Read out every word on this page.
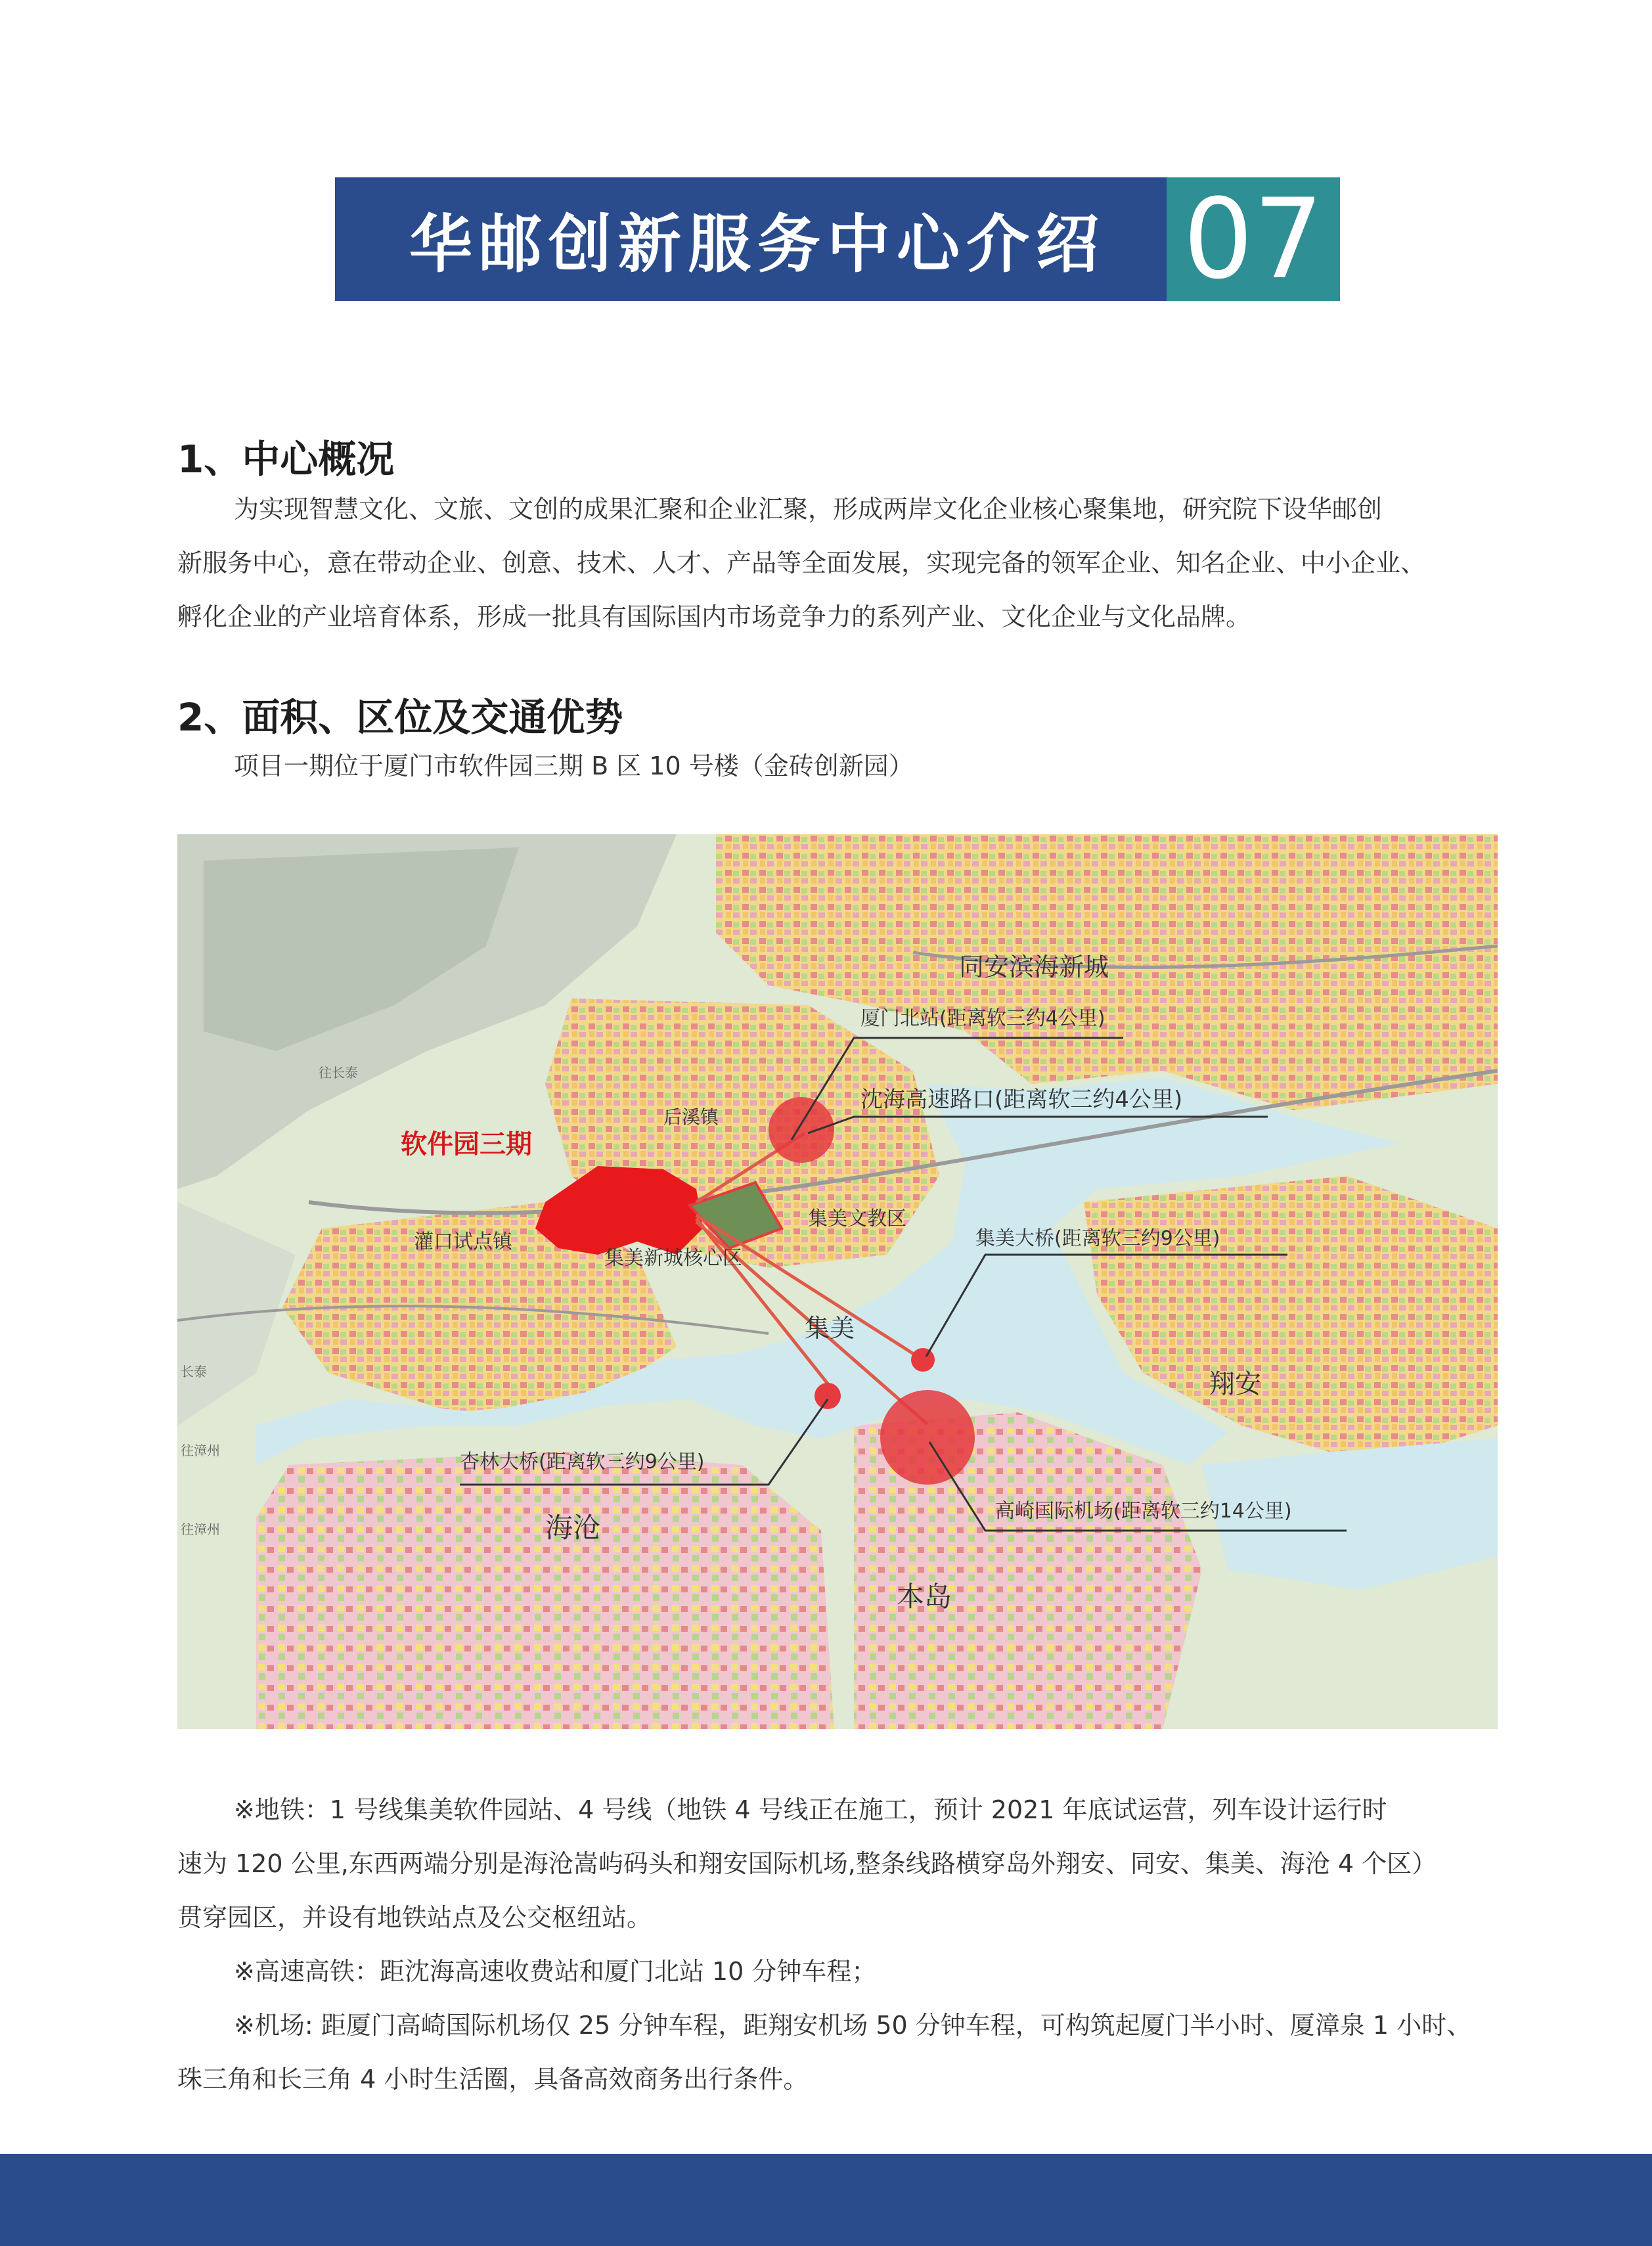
华邮创新服务中心介绍 07
1、中心概况

为实现智慧文化、文旅、文创的成果汇聚和企业汇聚，形成两岸文化企业核心聚集地，研究院下设华邮创
新服务中心，意在带动企业、创意、技术、人才、产品等全面发展，实现完备的领军企业、知名企业、中小企业、
孵化企业的产业培育体系，形成一批具有国际国内市场竞争力的系列产业、文化企业与文化品牌。

2、面积、区位及交通优势
项目一期位于厦门市软件园三期 B 区 10 号楼（金砖创新园）
同安滨海新城
厦门北站(距离软三约4公里)
沈海高速路口(距离软三约4公里)
往长泰
后溪镇
软件园三期
集美文教区
灌口试点镇
集美新城核心区
集美大桥(距离软三约9公里)
集美
翔安
长泰
往漳州
往漳州
杏林大桥(距离软三约9公里)
高崎国际机场(距离软三约14公里)
海沧
本岛
※地铁：1 号线集美软件园站、4 号线（地铁 4 号线正在施工，预计 2021 年底试运营，列车设计运行时
速为 120 公里,东西两端分别是海沧嵩屿码头和翔安国际机场,整条线路横穿岛外翔安、同安、集美、海沧 4 个区）
贯穿园区，并设有地铁站点及公交枢纽站。
※高速高铁：距沈海高速收费站和厦门北站 10 分钟车程；
※机场: 距厦门高崎国际机场仅 25 分钟车程，距翔安机场 50 分钟车程，可构筑起厦门半小时、厦漳泉 1 小时、
珠三角和长三角 4 小时生活圈，具备高效商务出行条件。
